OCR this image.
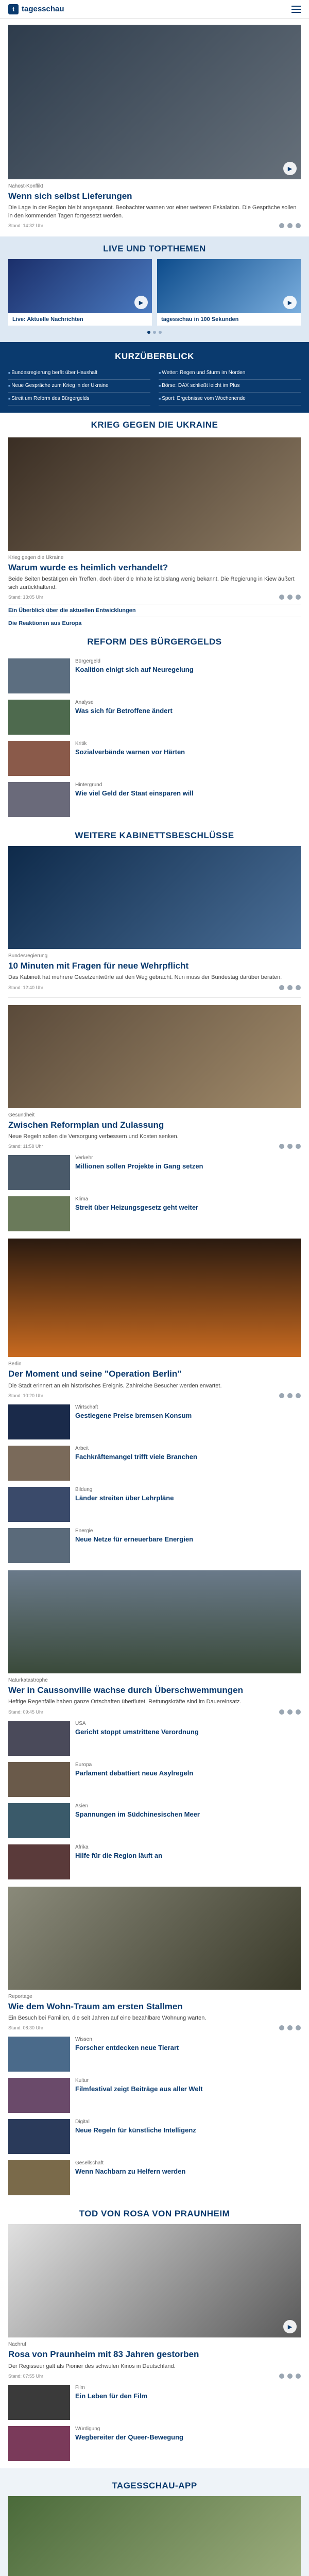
t tagesschau
▶
Nahost-Konflikt
Wenn sich selbst Lieferungen
Die Lage in der Region bleibt angespannt. Beobachter warnen vor einer weiteren Eskalation. Die Gespräche sollen in den kommenden Tagen fortgesetzt werden.
Stand: 14:32 Uhr
LIVE UND TOPTHEMEN
▶
Live: Aktuelle Nachrichten
▶
tagesschau in 100 Sekunden
KURZÜBERBLICK
■ Bundesregierung berät über Haushalt
■ Neue Gespräche zum Krieg in der Ukraine
■ Streit um Reform des Bürgergelds
■ Wetter: Regen und Sturm im Norden
■ Börse: DAX schließt leicht im Plus
■ Sport: Ergebnisse vom Wochenende
KRIEG GEGEN DIE UKRAINE
Krieg gegen die Ukraine
Warum wurde es heimlich verhandelt?
Beide Seiten bestätigen ein Treffen, doch über die Inhalte ist bislang wenig bekannt. Die Regierung in Kiew äußert sich zurückhaltend.
Stand: 13:05 Uhr
Ein Überblick über die aktuellen Entwicklungen
Die Reaktionen aus Europa
REFORM DES BÜRGERGELDS
Bürgergeld
Koalition einigt sich auf Neuregelung
Analyse
Was sich für Betroffene ändert
Kritik
Sozialverbände warnen vor Härten
Hintergrund
Wie viel Geld der Staat einsparen will
WEITERE KABINETTSBESCHLÜSSE
Bundesregierung
10 Minuten mit Fragen für neue Wehrpflicht
Das Kabinett hat mehrere Gesetzentwürfe auf den Weg gebracht. Nun muss der Bundestag darüber beraten.
Stand: 12:40 Uhr
Gesundheit
Zwischen Reformplan und Zulassung
Neue Regeln sollen die Versorgung verbessern und Kosten senken.
Stand: 11:58 Uhr
Verkehr
Millionen sollen Projekte in Gang setzen
Klima
Streit über Heizungsgesetz geht weiter
Berlin
Der Moment und seine "Operation Berlin"
Die Stadt erinnert an ein historisches Ereignis. Zahlreiche Besucher werden erwartet.
Stand: 10:20 Uhr
Wirtschaft
Gestiegene Preise bremsen Konsum
Arbeit
Fachkräftemangel trifft viele Branchen
Bildung
Länder streiten über Lehrpläne
Energie
Neue Netze für erneuerbare Energien
Naturkatastrophe
Wer in Caussonville wachse durch Überschwemmungen
Heftige Regenfälle haben ganze Ortschaften überflutet. Rettungskräfte sind im Dauereinsatz.
Stand: 09:45 Uhr
USA
Gericht stoppt umstrittene Verordnung
Europa
Parlament debattiert neue Asylregeln
Asien
Spannungen im Südchinesischen Meer
Afrika
Hilfe für die Region läuft an
Reportage
Wie dem Wohn-Traum am ersten Stallmen
Ein Besuch bei Familien, die seit Jahren auf eine bezahlbare Wohnung warten.
Stand: 08:30 Uhr
Wissen
Forscher entdecken neue Tierart
Kultur
Filmfestival zeigt Beiträge aus aller Welt
Digital
Neue Regeln für künstliche Intelligenz
Gesellschaft
Wenn Nachbarn zu Helfern werden
TOD VON ROSA VON PRAUNHEIM
▶
Nachruf
Rosa von Praunheim mit 83 Jahren gestorben
Der Regisseur galt als Pionier des schwulen Kinos in Deutschland.
Stand: 07:55 Uhr
Film
Ein Leben für den Film
Würdigung
Wegbereiter der Queer-Bewegung
TAGESSCHAU-APP
